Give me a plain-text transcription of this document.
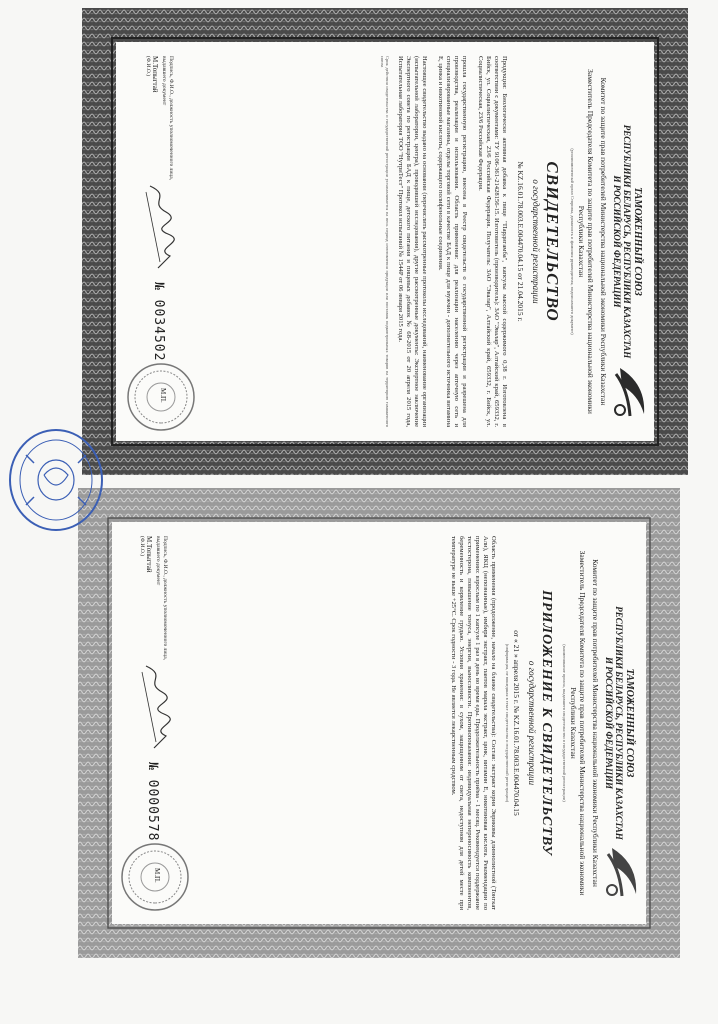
ТАМОЖЕННЫЙ СОЮЗ
РЕСПУБЛИКИ БЕЛАРУСЬ, РЕСПУБЛИКИ КАЗАХСТАН
И РОССИЙСКОЙ ФЕДЕРАЦИИ
Комитет по защите прав потребителей Министерства национальной экономики Республики Казахстан
Заместитель Председателя Комитета по защите прав потребителей Министерства национальной экономики Республики Казахстан
(уполномоченный орган Стороны, должность и фамилия руководителя, подписавшего документ)
СВИДЕТЕЛЬСТВО
о государственной регистрации
№ KZ.16.01.78.003.E.004470.04.15 от 21.04.2015 г.
Продукция: Биологически активная добавка к пище "Пардигамба", капсулы массой содержимого 0,38 г. Изготовлена в соответствии с документами: ТУ 9106-361-21428156-15. Изготовитель (производитель): ЗАО "Эвалар", Алтайский край, 659332, г. Бийск, ул. Социалистическая, 23/6 Российская Федерация. Получатель: ЗАО "Эвалар", Алтайский край, 659332, г. Бийск, ул. Социалистическая, 23/6 Российская Федерация.
прошла государственную регистрацию, внесена в Реестр свидетельств о государственной регистрации и разрешена для производства, реализации и использования. Область применения: для реализации населению через аптечную сеть и специализированные магазины, отделы торговой сети в качестве БАД к пище для мужчин - дополнительного источника витамина Е, цинка и никотиновой кислоты, содержащего полифенольные соединения.
Настоящее свидетельство выдано на основании (перечислить рассмотренные протоколы исследований, наименование организации (испытательной лаборатории, центра), проводившей исследования), другие рассмотренные документы: Экспертное заключение Экспертного совета по регистрации БАД к пище, детского питания и пищевых добавок № 68-2015 от 20 апреля 2015 года, Испытательная лаборатория ТОО "НутриТест" Протокол испытаний № 1544Р от 06 января 2015 года.
Срок действия свидетельства о государственной регистрации устанавливается на весь период изготовления продукции или поставок подконтрольных товаров на территорию таможенного союза
Подпись, Ф.И.О., должность уполномоченного лица, выдавшего документ
М.Топыгтай
(Ф.И.О.)
№ 0034502
М.П.
ТАМОЖЕННЫЙ СОЮЗ
РЕСПУБЛИКИ БЕЛАРУСЬ, РЕСПУБЛИКИ КАЗАХСТАН
И РОССИЙСКОЙ ФЕДЕРАЦИИ
Комитет по защите прав потребителей Министерства национальной экономики Республики Казахстан
Заместитель Председателя Комитета по защите прав потребителей Министерства национальной экономики Республики Казахстан
(наименование органа, выдавшего свидетельство о государственной регистрации)
ПРИЛОЖЕНИЕ К СВИДЕТЕЛЬСТВУ
о государственной регистрации
от « 21 » апреля 2015 г. № KZ.16.01.78.003.E.004470.04.15
(информация, не вошедшая в текст свидетельства о государственной регистрации)
Область применения (продолжение, начало на бланке свидетельства): Состав: экстракт корня Эврикомы длиннолистной (Тонгкат Али), ЯКЦ (непознанные), имбиря экстракт, пантов марала экстракт, цинк, витамин Е, никотиновая кислота. Рекомендации по применению: взрослым по 1 капсуле 1 раз в день во время еды. Продолжительность приёма - 1 месяц. Рекомендуется поддержание тестостерона, повышение тонуса, энергии, выносливости. Противопоказания: индивидуальная непереносимость компонентов, беременность и кормление грудью. Условия хранения: в сухом, защищенном от света, недоступном для детей месте при температуре не выше +25°С. Срок годности - 3 года. Не является лекарственным средством.
Подпись, Ф.И.О., должность уполномоченного лица, выдавшего документ
М.Топыгтай
(Ф.И.О.)
№ 0000578
М.П.
